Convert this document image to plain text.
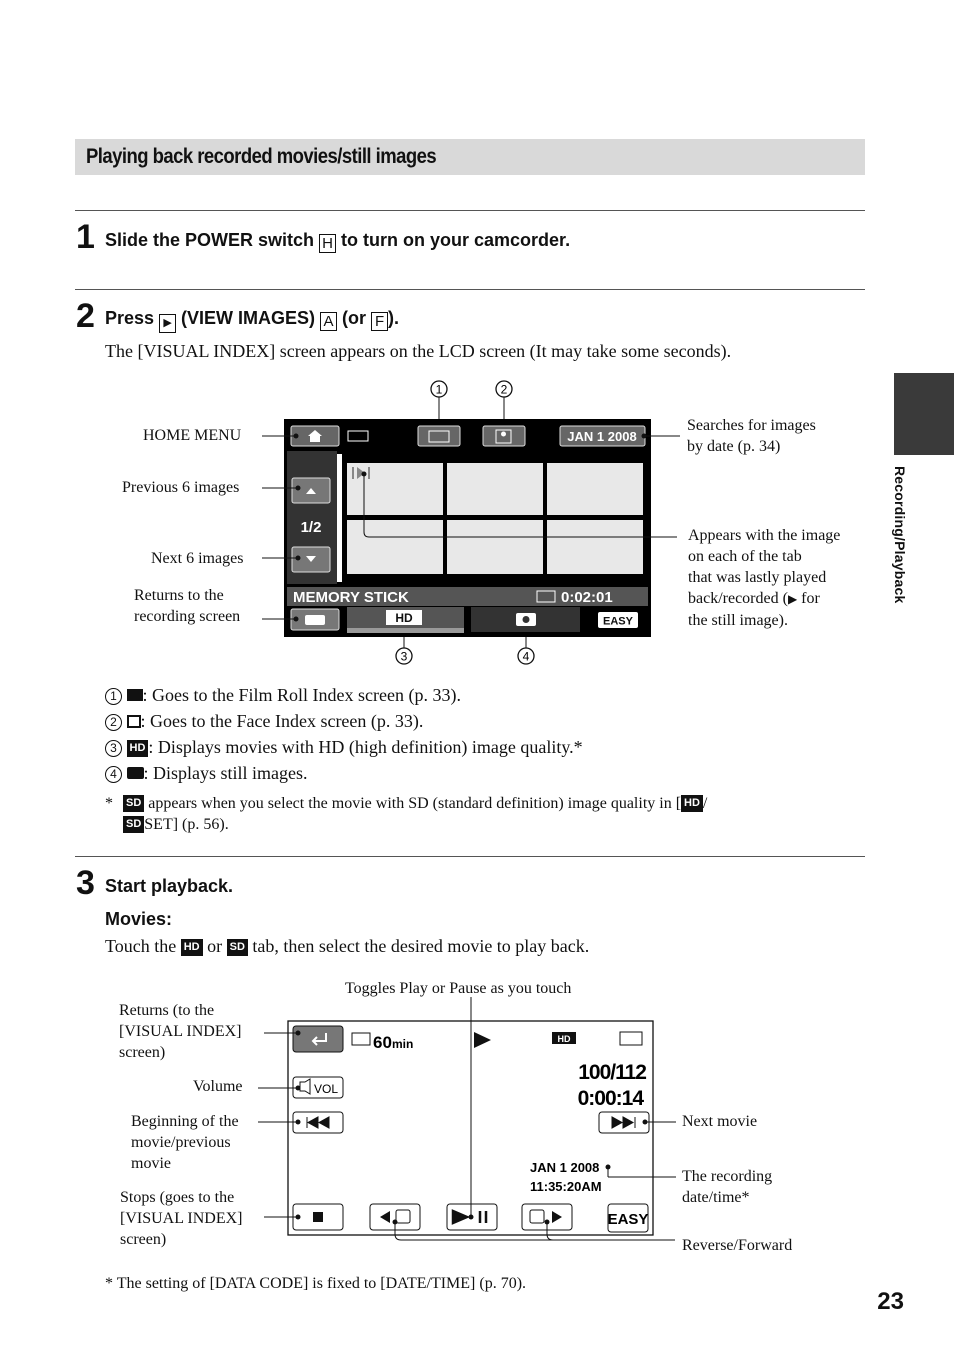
Playing back recorded movies/still images
1 Slide the POWER switch H to turn on your camcorder.
2 Press ▶ (VIEW IMAGES) A (or F ).
The [VISUAL INDEX] screen appears on the LCD screen (It may take some seconds).
1	2
3	4
JAN 1 2008
1/2
MEMORY STICK	0:02:01
HD	EASY
HOME MENU
Previous 6 images
Next 6 images
Returns to the
recording screen
Searches for images
by date (p. 34)
Appears with the image
on each of the tab
that was lastly played
back/recorded (▶ for
the still image).
1 : Goes to the Film Roll Index screen (p. 33).
2 : Goes to the Face Index screen (p. 33).
3 HD : Displays movies with HD (high definition) image quality.*
4 : Displays still images.
* SD appears when you select the movie with SD (standard definition) image quality in [ HD /
SD SET] (p. 56).
3 Start playback.
Movies:
Touch the HD or SD tab, then select the desired movie to play back.
60 min	HD
100/112
0:00:14
VOL
JAN 1 2008
11:35:20AM
EASY
Toggles Play or Pause as you touch
Returns (to the
[VISUAL INDEX]
screen)
Volume
Beginning of the
movie/previous
movie
Stops (goes to the
[VISUAL INDEX]
screen)
Next movie
The recording
date/time*
Reverse/Forward
* The setting of [DATA CODE] is fixed to [DATE/TIME] (p. 70).
Recording/Playback
23
